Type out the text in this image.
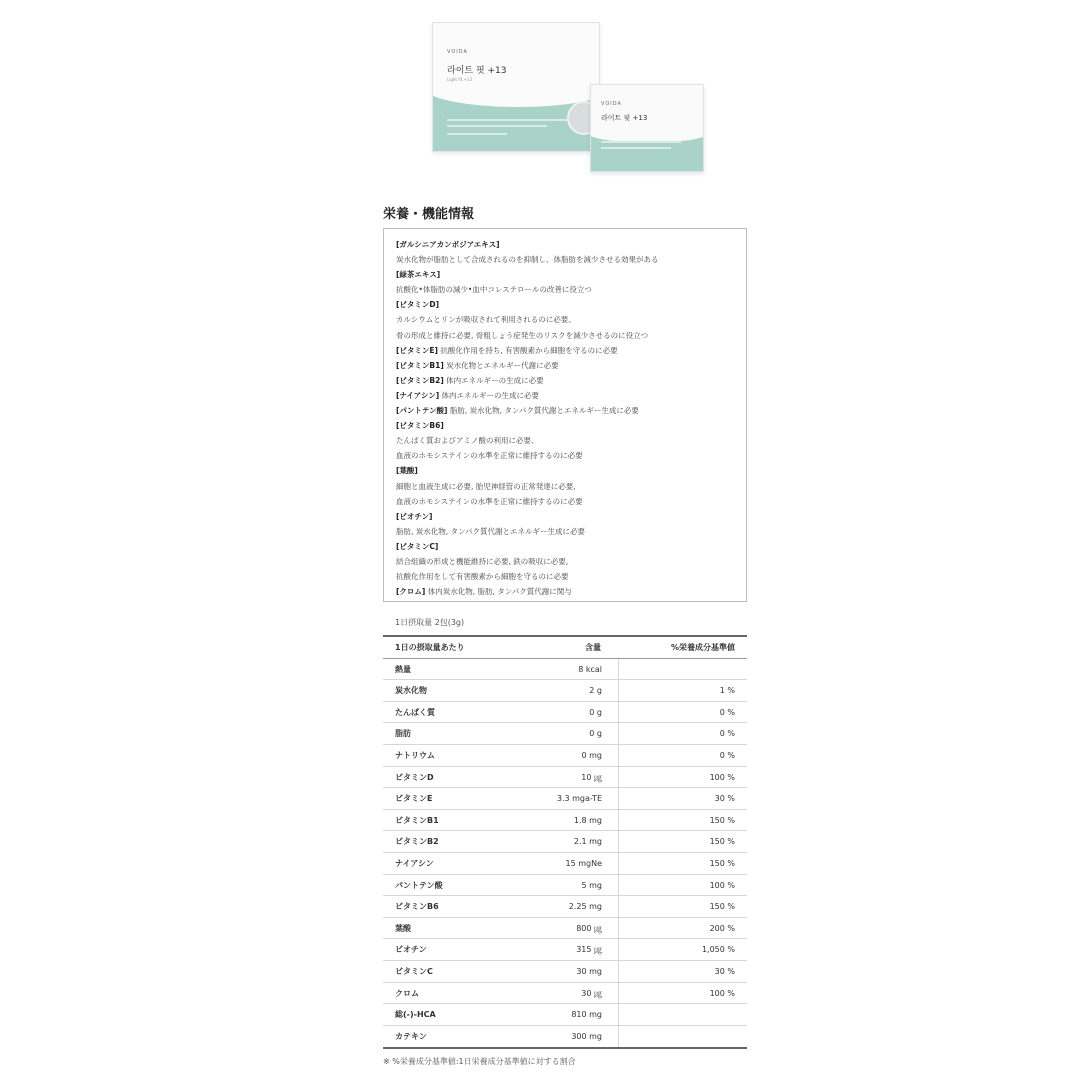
VOIDA
라이트 핏 +13
Light fit +13
VOIDA
라이트 핏 +13
栄養・機能情報
[ガルシニアカンボジアエキス]
炭水化物が脂肪として合成されるのを抑制し、体脂肪を減少させる効果がある
[緑茶エキス]
抗酸化•体脂肪の減少•血中コレステロールの改善に役立つ
[ビタミンD]
カルシウムとリンが吸収されて利用されるのに必要、
骨の形成と維持に必要, 骨粗しょう症発生のリスクを減少させるのに役立つ
[ビタミンE] 抗酸化作用を持ち, 有害酸素から細胞を守るのに必要
[ビタミンB1] 炭水化物とエネルギー代謝に必要
[ビタミンB2] 体内エネルギーの生成に必要
[ナイアシン] 体内エネルギーの生成に必要
[パントテン酸] 脂肪, 炭水化物, タンパク質代謝とエネルギー生成に必要
[ビタミンB6]
たんぱく質およびアミノ酸の利用に必要、
血液のホモシステインの水準を正常に維持するのに必要
[葉酸]
細胞と血液生成に必要, 胎児神経管の正常発達に必要,
血液のホモシステインの水準を正常に維持するのに必要
[ビオチン]
脂肪, 炭水化物, タンパク質代謝とエネルギー生成に必要
[ビタミンC]
結合組織の形成と機能維持に必要, 鉄の吸収に必要,
抗酸化作用をして有害酸素から細胞を守るのに必要
[クロム] 体内炭水化物, 脂肪, タンパク質代謝に関与
1日摂取量 2包(3g)
1日の摂取量あたり	含量	%栄養成分基準値
熱量	8 kcal
炭水化物	2 g	1 %
たんぱく質	0 g	0 %
脂肪	0 g	0 %
ナトリウム	0 mg	0 %
ビタミンD	10 ㎍	100 %
ビタミンE	3.3 mga-TE	30 %
ビタミンB1	1.8 mg	150 %
ビタミンB2	2.1 mg	150 %
ナイアシン	15 mgNe	150 %
パントテン酸	5 mg	100 %
ビタミンB6	2.25 mg	150 %
葉酸	800 ㎍	200 %
ビオチン	315 ㎍	1,050 %
ビタミンC	30 mg	30 %
クロム	30 ㎍	100 %
総(-)-HCA	810 mg
カテキン	300 mg
※ %栄養成分基準値:1日栄養成分基準値に対する割合
